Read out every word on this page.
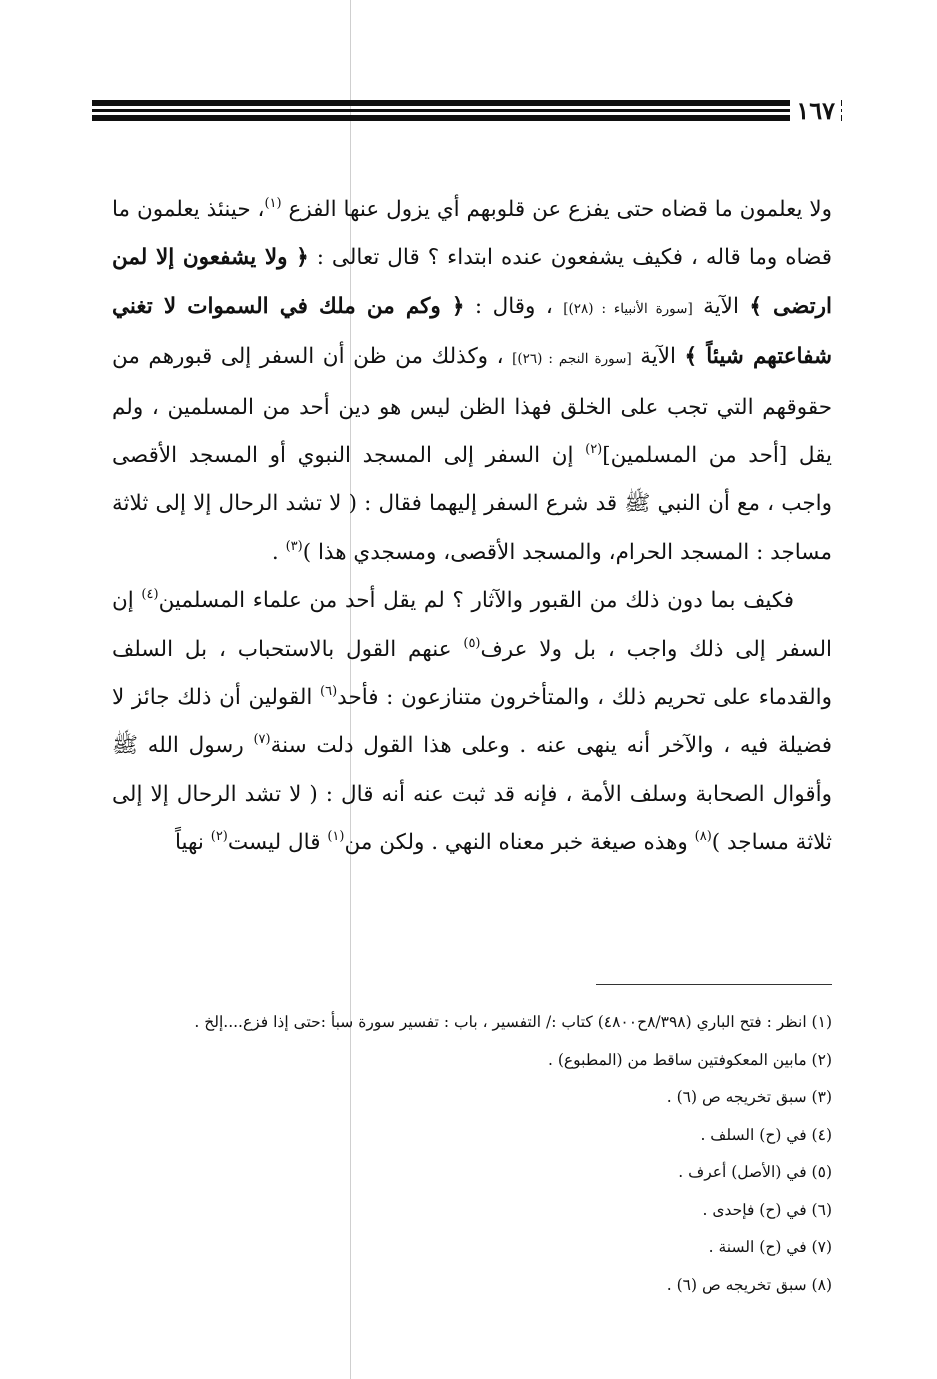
١٦٧

ولا يعلمون ما قضاه حتى يفزع عن قلوبهم أي يزول عنها الفزع $^{(١)}$، حينئذ يعلمون ما قضاه وما قاله ، فكيف يشفعون عنده ابتداء ؟ قال تعالى : ﴿ ولا يشفعون إلا لمن ارتضى ﴾ الآية [سورة الأنبياء : (٢٨)] ، وقال : ﴿ وكم من ملك في السموات لا تغني شفاعتهم شيئاً ﴾ الآية [سورة النجم : (٢٦)] ، وكذلك من ظن أن السفر إلى قبورهم من حقوقهم التي تجب على الخلق فهذا الظن ليس هو دين أحد من المسلمين ، ولم يقل [أحد من المسلمين]$^{(٢)}$ إن السفر إلى المسجد النبوي أو المسجد الأقصى واجب ، مع أن النبي ﷺ قد شرع السفر إليهما فقال : ( لا تشد الرحال إلا إلى ثلاثة مساجد : المسجد الحرام، والمسجد الأقصى، ومسجدي هذا )$^{(٣)}$ .

فكيف بما دون ذلك من القبور والآثار ؟ لم يقل أحد من علماء المسلمين$^{(٤)}$ إن السفر إلى ذلك واجب ، بل ولا عرف$^{(٥)}$ عنهم القول بالاستحباب ، بل السلف والقدماء على تحريم ذلك ، والمتأخرون متنازعون : فأحد$^{(٦)}$ القولين أن ذلك جائز لا فضيلة فيه ، والآخر أنه ينهى عنه . وعلى هذا القول دلت سنة$^{(٧)}$ رسول الله ﷺ وأقوال الصحابة وسلف الأمة ، فإنه قد ثبت عنه أنه قال : ( لا تشد الرحال إلا إلى ثلاثة مساجد )$^{(٨)}$ وهذه صيغة خبر معناه النهي . ولكن من$^{(١)}$ قال ليست$^{(٢)}$ نهياً

(١) انظر : فتح الباري (٨/٣٩٨ح٤٨٠٠) كتاب :/ التفسير ، باب : تفسير سورة سبأ :حتى إذا فزع....إلخ .
(٢) مابين المعكوفتين ساقط من (المطبوع) .
(٣) سبق تخريجه ص (٦) .
(٤) في (ح) السلف .
(٥) في (الأصل) أعرف .
(٦) في (ح) فإحدى .
(٧) في (ح) السنة .
(٨) سبق تخريجه ص (٦) .
